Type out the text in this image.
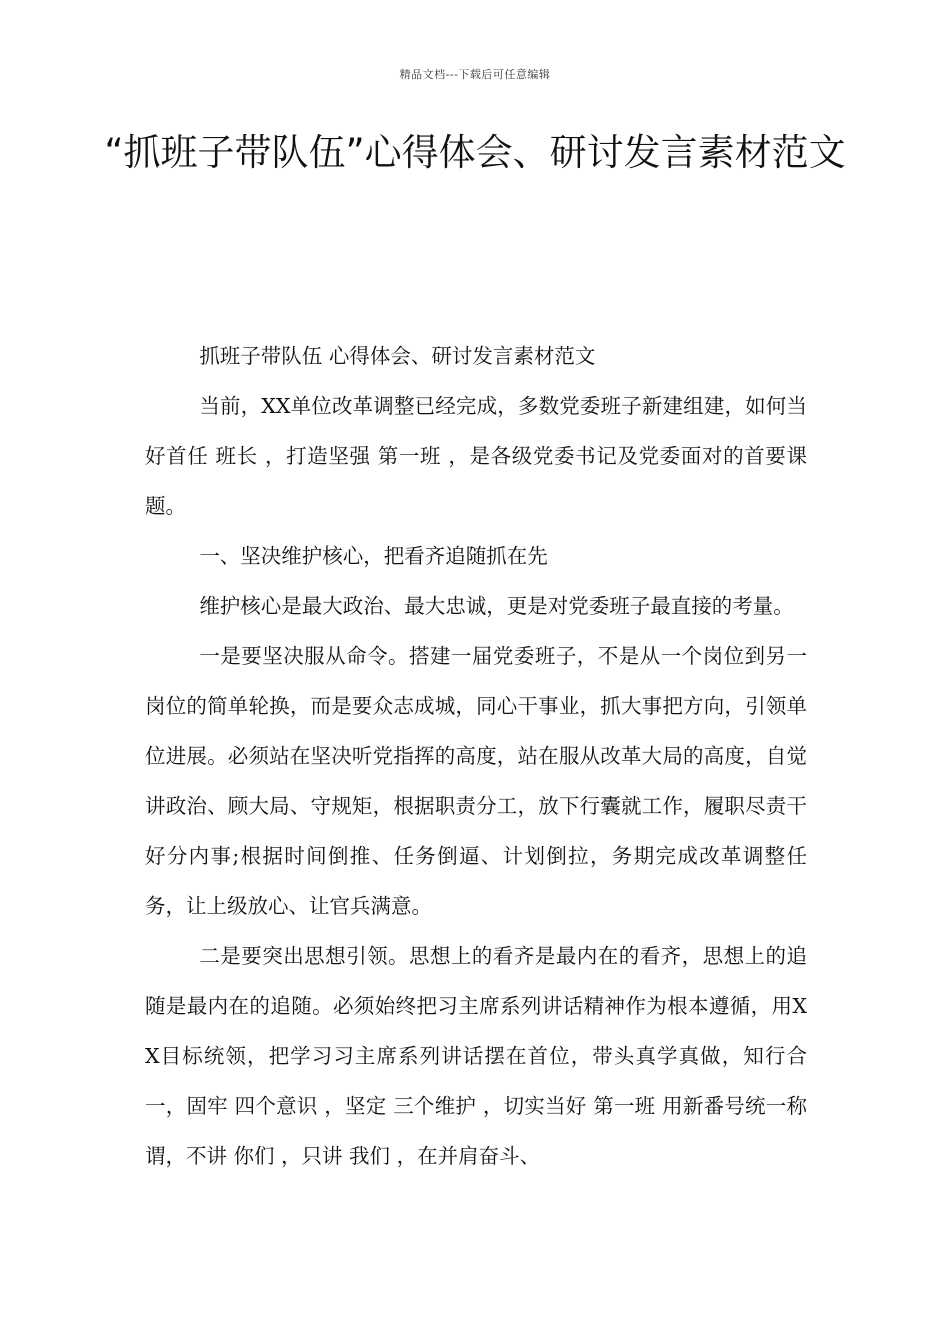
精品文档---下载后可任意编辑
“抓班子带队伍”心得体会、研讨发言素材范文

抓班子带队伍 心得体会、研讨发言素材范文

当前，XX单位改革调整已经完成，多数党委班子新建组建，如何当好首任 班长 ，打造坚强 第一班 ，是各级党委书记及党委面对的首要课题。

一、坚决维护核心，把看齐追随抓在先

维护核心是最大政治、最大忠诚，更是对党委班子最直接的考量。

一是要坚决服从命令。搭建一届党委班子，不是从一个岗位到另一岗位的简单轮换，而是要众志成城，同心干事业，抓大事把方向，引领单位进展。必须站在坚决听党指挥的高度，站在服从改革大局的高度，自觉讲政治、顾大局、守规矩，根据职责分工，放下行囊就工作，履职尽责干好分内事;根据时间倒推、任务倒逼、计划倒拉，务期完成改革调整任务，让上级放心、让官兵满意。

二是要突出思想引领。思想上的看齐是最内在的看齐，思想上的追随是最内在的追随。必须始终把习主席系列讲话精神作为根本遵循，用XX目标统领，把学习习主席系列讲话摆在首位，带头真学真做，知行合一，固牢 四个意识 ，坚定 三个维护 ，切实当好 第一班 用新番号统一称谓，不讲 你们 ，只讲 我们 ，在并肩奋斗、
